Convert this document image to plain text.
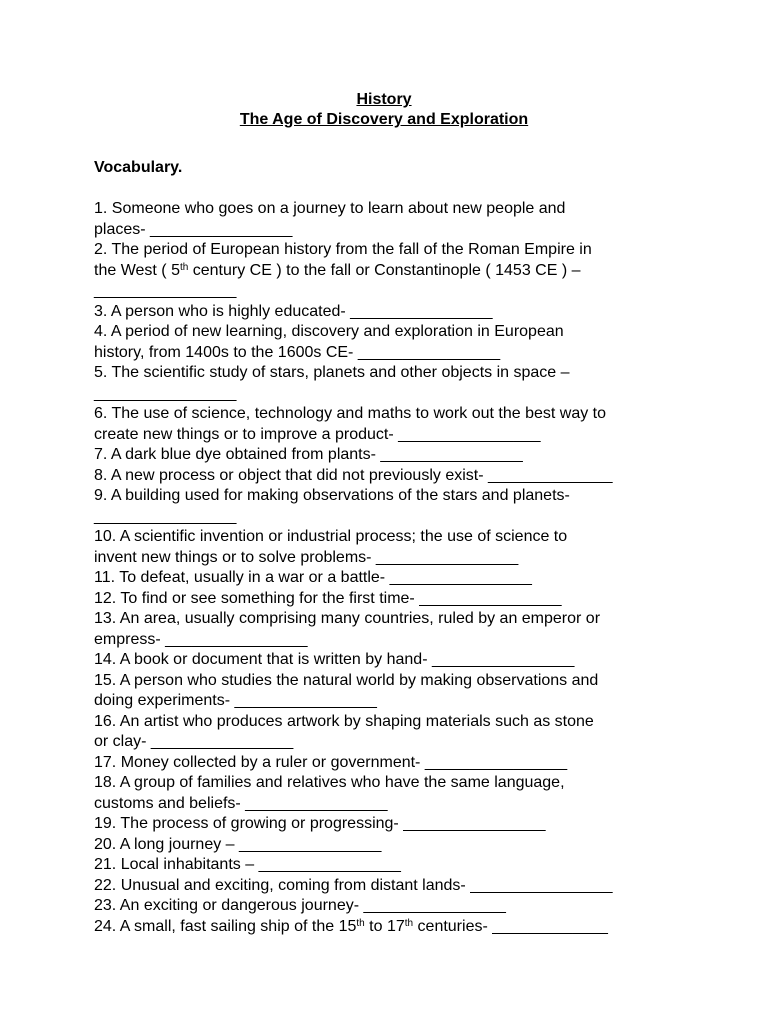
History
The Age of Discovery and Exploration
Vocabulary.
1. Someone who goes on a journey to learn about new people and
places- ________________
2. The period of European history from the fall of the Roman Empire in
the West ( 5th century CE ) to the fall or Constantinople ( 1453 CE ) –
________________
3. A person who is highly educated- ________________
4. A period of new learning, discovery and exploration in European
history, from 1400s to the 1600s CE- ________________
5. The scientific study of stars, planets and other objects in space –
________________
6. The use of science, technology and maths to work out the best way to
create new things or to improve a product- ________________
7. A dark blue dye obtained from plants- ________________
8. A new process or object that did not previously exist- ______________
9. A building used for making observations of the stars and planets-
________________
10. A scientific invention or industrial process; the use of science to
invent new things or to solve problems- ________________
11. To defeat, usually in a war or a battle- ________________
12. To find or see something for the first time- ________________
13. An area, usually comprising many countries, ruled by an emperor or
empress- ________________
14. A book or document that is written by hand- ________________
15. A person who studies the natural world by making observations and
doing experiments- ________________
16. An artist who produces artwork by shaping materials such as stone
or clay- ________________
17. Money collected by a ruler or government- ________________
18. A group of families and relatives who have the same language,
customs and beliefs- ________________
19. The process of growing or progressing- ________________
20. A long journey – ________________
21. Local inhabitants – ________________
22. Unusual and exciting, coming from distant lands- ________________
23. An exciting or dangerous journey- ________________
24. A small, fast sailing ship of the 15th to 17th centuries- _____________
